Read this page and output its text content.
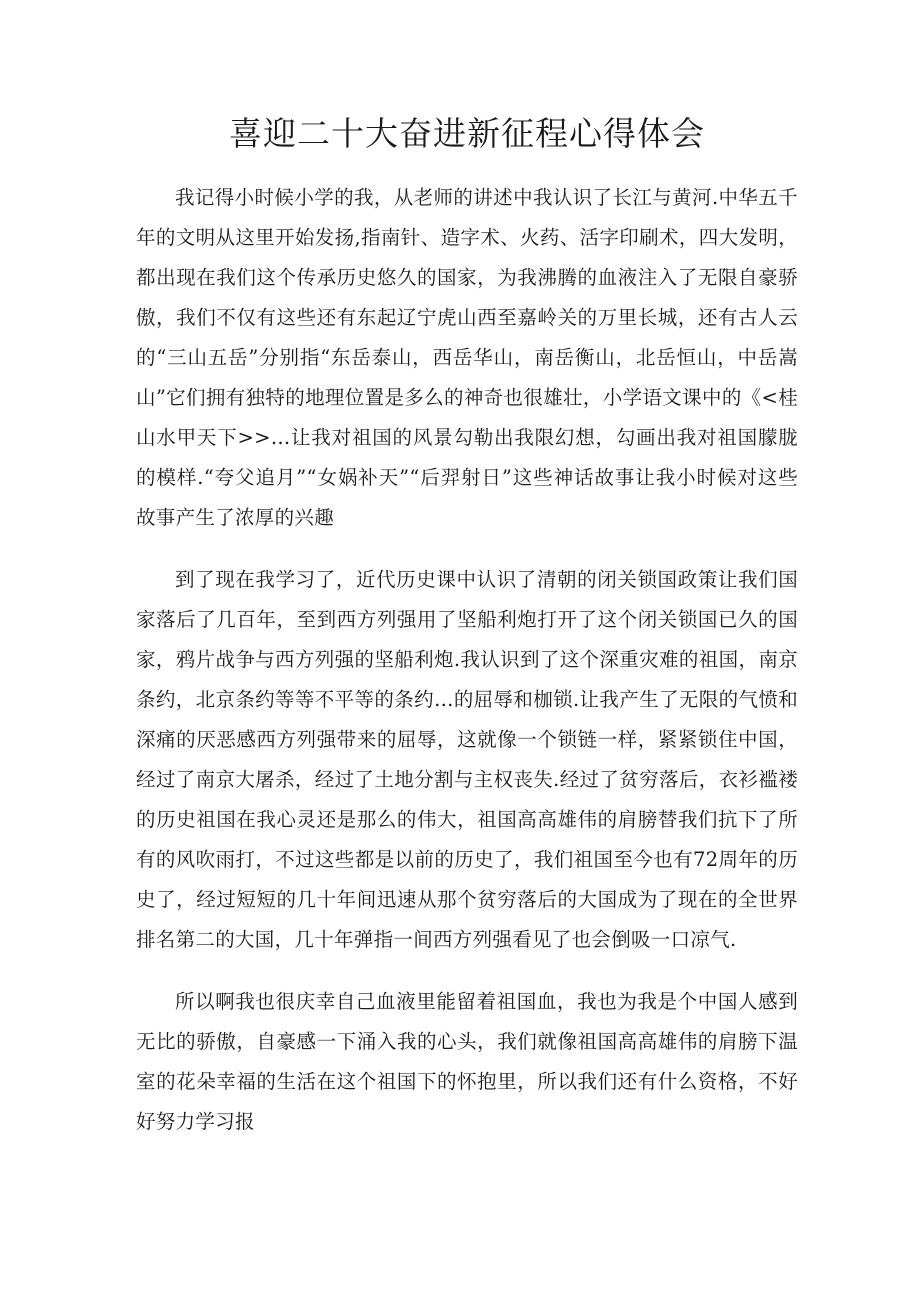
喜迎二十大奋进新征程心得体会

我记得小时候小学的我，从老师的讲述中我认识了长江与黄河.中华五千年的文明从这里开始发扬,指南针、造字术、火药、活字印刷术，四大发明，都出现在我们这个传承历史悠久的国家，为我沸腾的血液注入了无限自豪骄傲，我们不仅有这些还有东起辽宁虎山西至嘉岭关的万里长城，还有古人云的“三山五岳”分别指“东岳泰山，西岳华山，南岳衡山，北岳恒山，中岳嵩山”它们拥有独特的地理位置是多么的神奇也很雄壮，小学语文课中的《<桂山水甲天下>>…让我对祖国的风景勾勒出我限幻想，勾画出我对祖国朦胧的模样.“夸父追月”“女娲补天”“后羿射日”这些神话故事让我小时候对这些故事产生了浓厚的兴趣

到了现在我学习了，近代历史课中认识了清朝的闭关锁国政策让我们国家落后了几百年，至到西方列强用了坚船利炮打开了这个闭关锁国已久的国家，鸦片战争与西方列强的坚船利炮.我认识到了这个深重灾难的祖国，南京条约，北京条约等等不平等的条约…的屈辱和枷锁.让我产生了无限的气愤和深痛的厌恶感西方列强带来的屈辱，这就像一个锁链一样，紧紧锁住中国，经过了南京大屠杀，经过了土地分割与主权丧失.经过了贫穷落后，衣衫褴褛的历史祖国在我心灵还是那么的伟大，祖国高高雄伟的肩膀替我们抗下了所有的风吹雨打，不过这些都是以前的历史了，我们祖国至今也有72周年的历史了，经过短短的几十年间迅速从那个贫穷落后的大国成为了现在的全世界排名第二的大国，几十年弹指一间西方列强看见了也会倒吸一口凉气.

所以啊我也很庆幸自己血液里能留着祖国血，我也为我是个中国人感到无比的骄傲，自豪感一下涌入我的心头，我们就像祖国高高雄伟的肩膀下温室的花朵幸福的生活在这个祖国下的怀抱里，所以我们还有什么资格，不好好努力学习报
